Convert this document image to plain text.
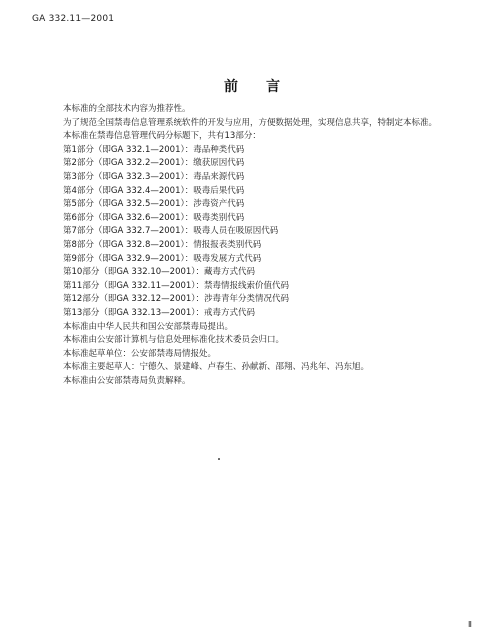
GA 332.11—2001
前　　言
本标准的全部技术内容为推荐性。
为了规范全国禁毒信息管理系统软件的开发与应用，方便数据处理，实现信息共享，特制定本标准。
本标准在禁毒信息管理代码分标题下，共有13部分：
第1部分（即GA 332.1—2001）：毒品种类代码
第2部分（即GA 332.2—2001）：缴获原因代码
第3部分（即GA 332.3—2001）：毒品来源代码
第4部分（即GA 332.4—2001）：吸毒后果代码
第5部分（即GA 332.5—2001）：涉毒资产代码
第6部分（即GA 332.6—2001）：吸毒类别代码
第7部分（即GA 332.7—2001）：吸毒人员在吸原因代码
第8部分（即GA 332.8—2001）：情报报表类别代码
第9部分（即GA 332.9—2001）：吸毒发展方式代码
第10部分（即GA 332.10—2001）：藏毒方式代码
第11部分（即GA 332.11—2001）：禁毒情报线索价值代码
第12部分（即GA 332.12—2001）：涉毒青年分类情况代码
第13部分（即GA 332.13—2001）：戒毒方式代码
本标准由中华人民共和国公安部禁毒局提出。
本标准由公安部计算机与信息处理标准化技术委员会归口。
本标准起草单位：公安部禁毒局情报处。
本标准主要起草人：宁德久、景建峰、卢春生、孙献新、邵翔、冯兆年、冯东旭。
本标准由公安部禁毒局负责解释。
Ⅱ
